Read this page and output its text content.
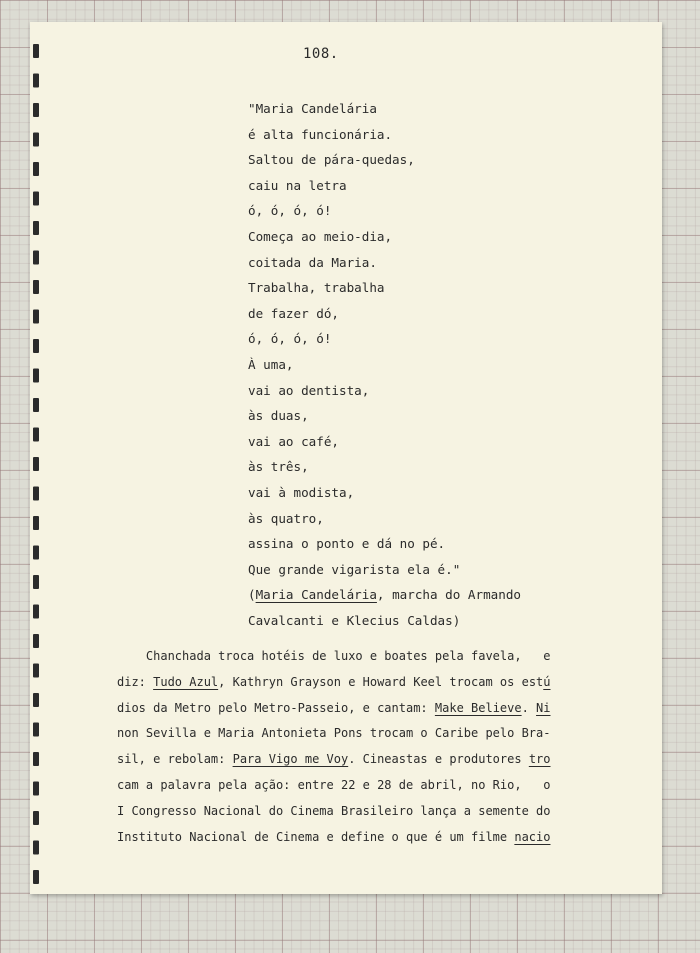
108.
"Maria Candelária
é alta funcionária.
Saltou de pára-quedas,
caiu na letra
ó, ó, ó, ó!
Começa ao meio-dia,
coitada da Maria.
Trabalha, trabalha
de fazer dó,
ó, ó, ó, ó!
À uma,
vai ao dentista,
às duas,
vai ao café,
às três,
vai à modista,
às quatro,
assina o ponto e dá no pé.
Que grande vigarista ela é."
(Maria Candelária, marcha do Armando
Cavalcanti e Klecius Caldas)
Chanchada troca hotéis de luxo e boates pela favela,   e
diz: Tudo Azul, Kathryn Grayson e Howard Keel trocam os estú
dios da Metro pelo Metro-Passeio, e cantam: Make Believe. Ni
non Sevilla e Maria Antonieta Pons trocam o Caribe pelo Bra-
sil, e rebolam: Para Vigo me Voy. Cineastas e produtores tro
cam a palavra pela ação: entre 22 e 28 de abril, no Rio,   o
I Congresso Nacional do Cinema Brasileiro lança a semente do
Instituto Nacional de Cinema e define o que é um filme nacio
